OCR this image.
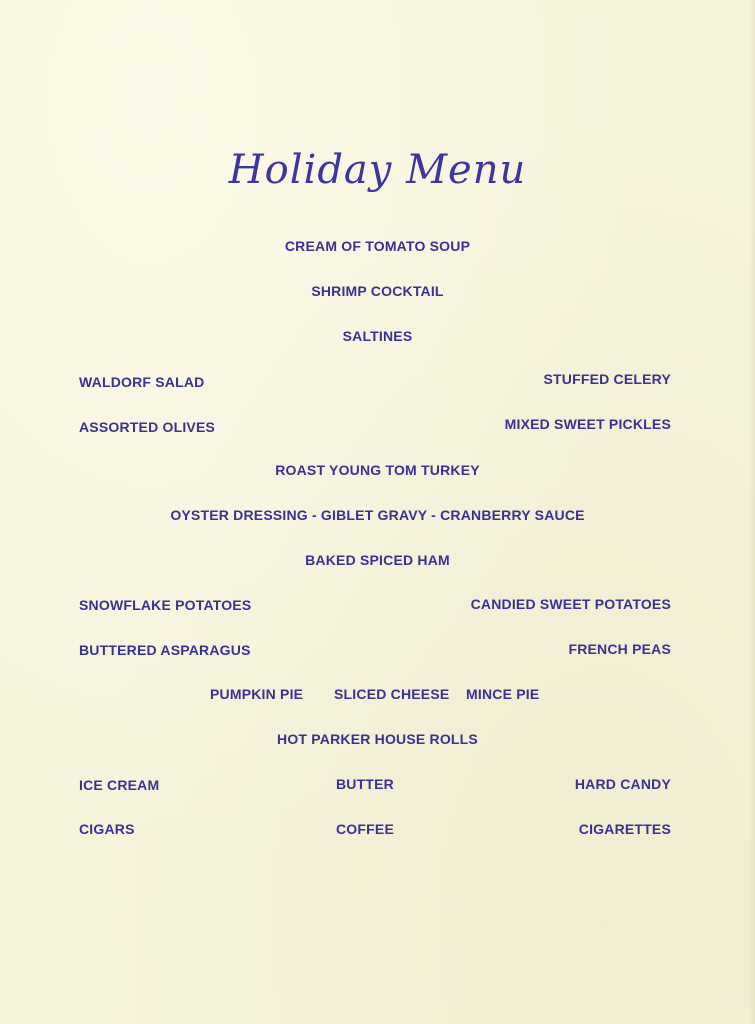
Holiday Menu
CREAM OF TOMATO SOUP
SHRIMP COCKTAIL
SALTINES
WALDORF SALAD	STUFFED CELERY
ASSORTED OLIVES	MIXED SWEET PICKLES
ROAST YOUNG TOM TURKEY
OYSTER DRESSING - GIBLET GRAVY - CRANBERRY SAUCE
BAKED SPICED HAM
SNOWFLAKE POTATOES	CANDIED SWEET POTATOES
BUTTERED ASPARAGUS	FRENCH PEAS
PUMPKIN PIE SLICED CHEESE MINCE PIE
HOT PARKER HOUSE ROLLS
ICE CREAM	BUTTER	HARD CANDY
CIGARS	COFFEE	CIGARETTES
